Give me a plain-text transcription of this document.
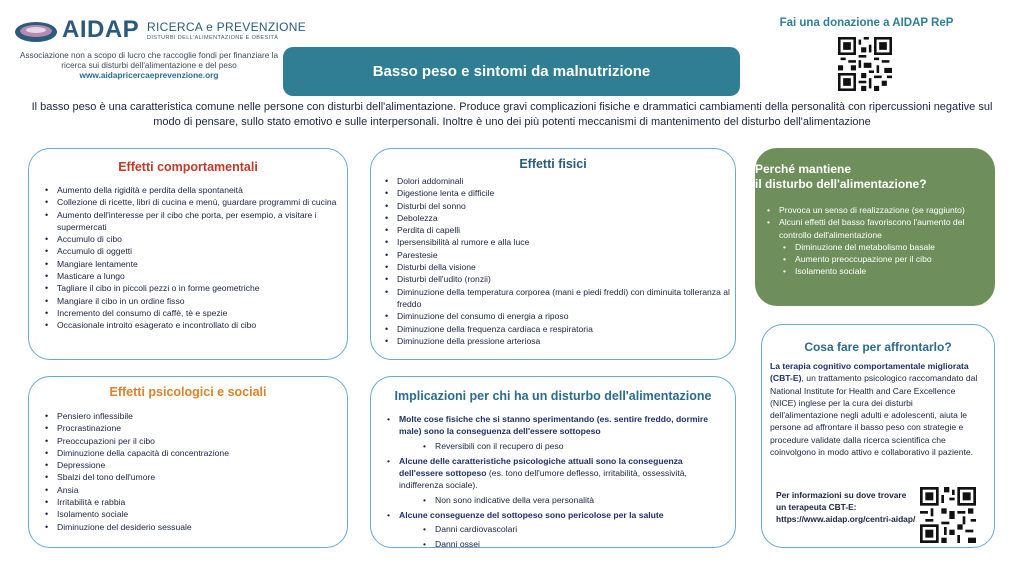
AIDAP RICERCA e PREVENZIONE
DISTURBI DELL'ALIMENTAZIONE E OBESITÀ
Associazione non a scopo di lucro che raccoglie fondi per finanziare la ricerca sui disturbi dell'alimentazione e del peso
www.aidapricercaeprevenzione.org	Basso peso e sintomi da malnutrizione
Fai una donazione a AIDAP ReP
Il basso peso è una caratteristica comune nelle persone con disturbi dell'alimentazione. Produce gravi complicazioni fisiche e drammatici cambiamenti della personalità con ripercussioni negative sul modo di pensare, sullo stato emotivo e sulle interpersonali. Inoltre è uno dei più potenti meccanismi di mantenimento del disturbo dell'alimentazione
Effetti comportamentali
• Aumento della rigidità e perdita della spontaneità
• Collezione di ricette, libri di cucina e menù, guardare programmi di cucina
• Aumento dell'interesse per il cibo che porta, per esempio, a visitare i supermercati
• Accumulo di cibo
• Accumulo di oggetti
• Mangiare lentamente
• Masticare a lungo
• Tagliare il cibo in piccoli pezzi o in forme geometriche
• Mangiare il cibo in un ordine fisso
• Incremento del consumo di caffè, tè e spezie
• Occasionale introito esagerato e incontrollato di cibo
Effetti fisici
• Dolori addominali
• Digestione lenta e difficile
• Disturbi del sonno
• Debolezza
• Perdita di capelli
• Ipersensibilità al rumore e alla luce
• Parestesie
• Disturbi della visione
• Disturbi dell'udito (ronzii)
• Diminuzione della temperatura corporea (mani e piedi freddi) con diminuita tolleranza al freddo
• Diminuzione del consumo di energia a riposo
• Diminuzione della frequenza cardiaca e respiratoria
• Diminuzione della pressione arteriosa
Perché mantiene
il disturbo dell'alimentazione?
• Provoca un senso di realizzazione (se raggiunto)
• Alcuni effetti del basso favoriscono l'aumento del controllo dell'alimentazione
• Diminuzione del metabolismo basale
• Aumento preoccupazione per il cibo
• Isolamento sociale
Effetti psicologici e sociali
• Pensiero inflessibile
• Procrastinazione
• Preoccupazioni per il cibo
• Diminuzione della capacità di concentrazione
• Depressione
• Sbalzi del tono dell'umore
• Ansia
• Irritabilità e rabbia
• Isolamento sociale
• Diminuzione del desiderio sessuale
Implicazioni per chi ha un disturbo dell'alimentazione
• Molte cose fisiche che si stanno sperimentando (es. sentire freddo, dormire male) sono la conseguenza dell'essere sottopeso
• Reversibili con il recupero di peso
• Alcune delle caratteristiche psicologiche attuali sono la conseguenza dell'essere sottopeso (es. tono dell'umore deflesso, irritabilità, ossessività, indifferenza sociale).
• Non sono indicative della vera personalità
• Alcune conseguenze del sottopeso sono pericolose per la salute
• Danni cardiovascolari
• Danni ossei
Cosa fare per affrontarlo?
La terapia cognitivo comportamentale migliorata (CBT-E), un trattamento psicologico raccomandato dal National Institute for Health and Care Excellence (NICE) inglese per la cura dei disturbi dell'alimentazione negli adulti e adolescenti, aiuta le persone ad affrontare il basso peso con strategie e procedure validate dalla ricerca scientifica che coinvolgono in modo attivo e collaborativo il paziente.
Per informazioni su dove trovare un terapeuta CBT-E: https://www.aidap.org/centri-aidap/
